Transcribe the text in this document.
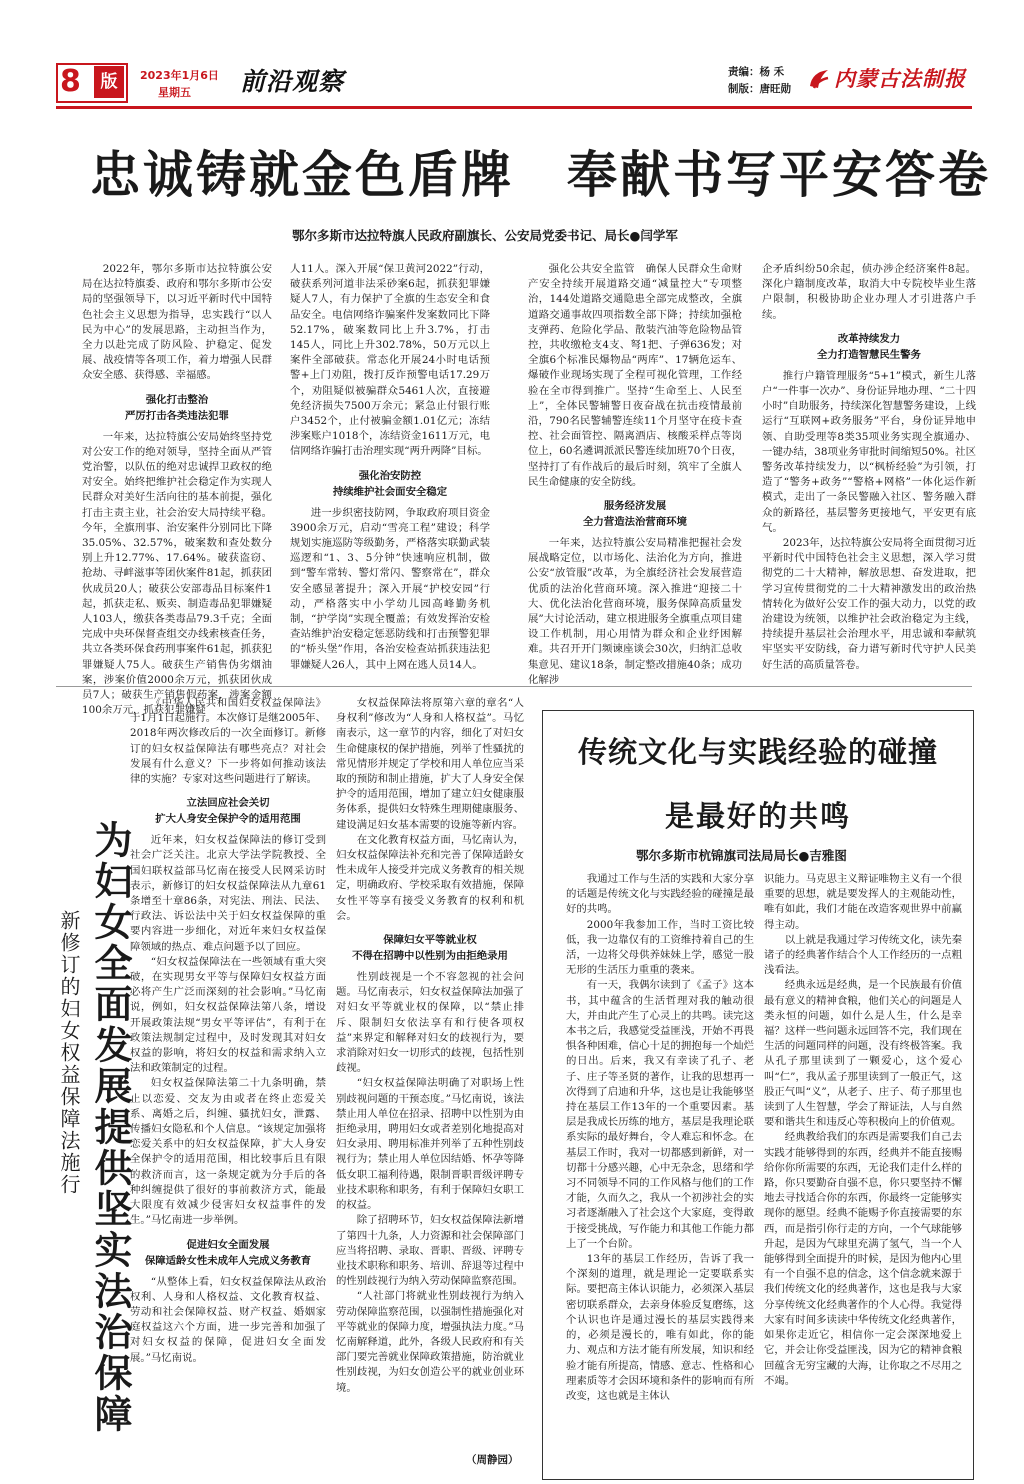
8	版	2023年1月6日
星期五 前沿观察	责编：杨 禾
制版：唐旺勋 内蒙古法制报
忠诚铸就金色盾牌　奉献书写平安答卷
鄂尔多斯市达拉特旗人民政府副旗长、公安局党委书记、局长●闫学军

2022年，鄂尔多斯市达拉特旗公安局在达拉特旗委、政府和鄂尔多斯市公安局的坚强领导下，以习近平新时代中国特色社会主义思想为指导，忠实践行“以人民为中心”的发展思路，主动担当作为，全力以赴完成了防风险、护稳定、促发展、战疫情等各项工作，着力增强人民群众安全感、获得感、幸福感。

强化打击整治
严厉打击各类违法犯罪

一年来，达拉特旗公安局始终坚持党对公安工作的绝对领导，坚持全面从严管党治警，以队伍的绝对忠诚捍卫政权的绝对安全。始终把维护社会稳定作为实现人民群众对美好生活向往的基本前提，强化打击主责主业，社会治安大局持续平稳。今年，全旗刑事、治安案件分别同比下降35.05%、32.57%，破案数和查处数分别上升12.77%、17.64%。破获盗窃、抢劫、寻衅滋事等团伙案件81起，抓获团伙成员20人；破获公安部毒品目标案件1起，抓获走私、贩卖、制造毒品犯罪嫌疑人103人，缴获各类毒品79.3千克；全面完成中央环保督查组交办线索核查任务，共立各类环保食药刑事案件61起，抓获犯罪嫌疑人75人。破获生产销售伪劣烟油案，涉案价值2000余万元，抓获团伙成员7人；破获生产销售假药案，涉案金额100余万元，抓获犯罪嫌疑

人11人。深入开展“保卫黄河2022”行动，破获系列河道非法采砂案6起，抓获犯罪嫌疑人7人，有力保护了全旗的生态安全和食品安全。电信网络诈骗案件发案数同比下降52.17%，破案数同比上升3.7%，打击145人，同比上升302.78%，50万元以上案件全部破获。常态化开展24小时电话预警+上门劝阻，拨打反诈预警电话17.29万个，劝阻疑似被骗群众5461人次，直接避免经济损失7500万余元；紧急止付银行账户3452个，止付被骗金额1.01亿元；冻结涉案账户1018个，冻结资金1611万元，电信网络诈骗打击治理实现“两升两降”目标。

强化治安防控
持续维护社会面安全稳定

进一步织密技防网，争取政府项目资金3900余万元，启动“雪亮工程”建设；科学规划实施巡防等级勤务，严格落实联勤武装巡逻和“1、3、5分钟”快速响应机制，做到“警车常转、警灯常闪、警察常在”，群众安全感显著提升；深入开展“护校安园”行动，严格落实中小学幼儿园高峰勤务机制，“护学岗”实现全覆盖；有效发挥治安检查站维护治安稳定惩恶防线和打击预警犯罪的“桥头堡”作用，各治安检查站抓获违法犯罪嫌疑人26人，其中上网在逃人员14人。

强化公共安全监管　确保人民群众生命财产安全持续开展道路交通“减量控大”专项整治，144处道路交通隐患全部完成整改，全旗道路交通事故四项指数全部下降；持续加强枪支弹药、危险化学品、散装汽油等危险物品管控，共收缴枪支4支、弩1把、子弹636发；对全旗6个标准民爆物品“两库”、17辆危运车、爆破作业现场实现了全程可视化管理，工作经验在全市得到推广。坚持“生命至上、人民至上”，全体民警辅警日夜奋战在抗击疫情最前沿，790名民警辅警连续11个月坚守在疫卡查控、社会面管控、隔离酒店、核酸采样点等岗位上，60名遴调派派民警连续加班70个日夜，坚持打了有作战后的最后时刻，筑牢了全旗人民生命健康的安全防线。

服务经济发展
全力营造法治营商环境

一年来，达拉特旗公安局精准把握社会发展战略定位，以市场化、法治化为方向，推进公安“放管服”改革，为全旗经济社会发展营造优质的法治化营商环境。深入推进“迎接二十大、优化法治化营商环境，服务保障高质量发展”大讨论活动，建立根进服务全旗重点项目建设工作机制，用心用情为群众和企业纾困解难。共召开开门频谏座谈会30次，归纳汇总收集意见、建议18条，制定整改措施40条；成功化解涉

企矛盾纠纷50余起，侦办涉企经济案件8起。深化户籍制度改革，取消大中专院校毕业生落户限制，积极协助企业办理人才引进落户手续。

改革持续发力
全力打造智慧民生警务

推行户籍管理服务“5+1”模式，新生儿落户“一件事一次办”、身份证异地办理、“二十四小时”自助服务，持续深化智慧警务建设，上线运行“互联网+政务服务”平台，身份证异地申领、自助受理等8类35项业务实现全旗通办、一键办结，38项业务审批时间缩短50%。社区警务改革持续发力，以“枫桥经验”为引领，打造了“警务+政务”“警格+网格”一体化运作新模式，走出了一条民警融入社区、警务融入群众的新路径，基层警务更接地气，平安更有底气。

2023年，达拉特旗公安局将全面贯彻习近平新时代中国特色社会主义思想，深入学习贯彻党的二十大精神，解放思想、奋发进取，把学习宣传贯彻党的二十大精神激发出的政治热情转化为做好公安工作的强大动力，以党的政治建设为统领，以维护社会政治稳定为主线，持续提升基层社会治理水平，用忠诚和奉献筑牢坚实平安防线，奋力谱写新时代守护人民美好生活的高质量答卷。

《中华人民共和国妇女权益保障法》于1月1日起施行。本次修订是继2005年、2018年两次修改后的一次全面修订。新修订的妇女权益保障法有哪些亮点？对社会发展有什么意义？下一步将如何推动该法律的实施？专家对这些问题进行了解读。

立法回应社会关切
扩大人身安全保护令的适用范围

近年来，妇女权益保障法的修订受到社会广泛关注。北京大学法学院教授、全国妇联权益部马忆南在接受人民网采访时表示，新修订的妇女权益保障法从九章61条增至十章86条，对宪法、刑法、民法、行政法、诉讼法中关于妇女权益保障的重要内容进一步细化，对近年来妇女权益保障领域的热点、难点问题予以了回应。

“妇女权益保障法在一些领域有重大突破，在实现男女平等与保障妇女权益方面必将产生广泛而深刻的社会影响。”马忆南说，例如，妇女权益保障法第八条，增设开展政策法规“男女平等评估”，有利于在政策法规制定过程中，及时发现其对妇女权益的影响，将妇女的权益和需求纳入立法和政策制定的过程。

妇女权益保障法第二十九条明确，禁止以恋爱、交友为由或者在终止恋爱关系、离婚之后，纠缠、骚扰妇女，泄露、传播妇女隐私和个人信息。“该规定加强将恋爱关系中的妇女权益保障，扩大人身安全保护令的适用范围，相比较事后且有限的救济而言，这一条规定就为分手后的各种纠缠提供了很好的事前救济方式，能最大限度有效减少侵害妇女权益事件的发生。”马忆南进一步举例。

促进妇女全面发展
保障适龄女性未成年人完成义务教育

“从整体上看，妇女权益保障法从政治权利、人身和人格权益、文化教育权益、劳动和社会保障权益、财产权益、婚姻家庭权益这六个方面，进一步完善和加强了对妇女权益的保障，促进妇女全面发展。”马忆南说。

为妇女全面发展提供坚实法治保障
新修订的妇女权益保障法施行

女权益保障法将原第六章的章名“人身权利”修改为“人身和人格权益”。马忆南表示，这一章节的内容，细化了对妇女生命健康权的保护措施，列举了性骚扰的常见情形并规定了学校和用人单位应当采取的预防和制止措施，扩大了人身安全保护令的适用范围，增加了建立妇女健康服务体系，提供妇女特殊生理期健康服务、建设满足妇女基本需要的设施等新内容。

在文化教育权益方面，马忆南认为，妇女权益保障法补充和完善了保障适龄女性未成年人接受并完成义务教育的相关规定，明确政府、学校采取有效措施，保障女性平等享有接受义务教育的权利和机会。

保障妇女平等就业权
不得在招聘中以性别为由拒绝录用

性别歧视是一个不容忽视的社会问题。马忆南表示，妇女权益保障法加强了对妇女平等就业权的保障，以“禁止排斥、限制妇女依法享有和行使各项权益”来界定和解释对妇女的歧视行为，要求消除对妇女一切形式的歧视，包括性别歧视。

“妇女权益保障法明确了对职场上性别歧视问题的干预态度。”马忆南说，该法禁止用人单位在招录、招聘中以性别为由拒绝录用，聘用妇女或者差别化地提高对妇女录用、聘用标准并列举了五种性别歧视行为；禁止用人单位因结婚、怀孕等降低女职工福利待遇，限制晋职晋级评聘专业技术职称和职务，有利于保障妇女职工的权益。

除了招聘环节，妇女权益保障法新增了第四十九条，人力资源和社会保障部门应当将招聘、录取、晋职、晋级、评聘专业技术职称和职务、培训、辞退等过程中的性别歧视行为纳入劳动保障监察范围。

“人社部门将就业性别歧视行为纳入劳动保障监察范围，以强制性措施强化对平等就业的保障力度，增强执法力度。”马忆南解释道，此外，各级人民政府和有关部门要完善就业保障政策措施，防治就业性别歧视，为妇女创造公平的就业创业环境。

（周静园）
传统文化与实践经验的碰撞
是最好的共鸣
鄂尔多斯市杭锦旗司法局局长●吉雅图

我通过工作与生活的实践和大家分享的话题是传统文化与实践经验的碰撞是最好的共鸣。

2000年我参加工作，当时工资比较低，我一边靠仅有的工资维持着自己的生活，一边将父母供养妹妹上学，感觉一股无形的生活压力重重的袭来。

有一天，我偶尔读到了《孟子》这本书，其中蕴含的生活哲理对我的触动很大，并由此产生了心灵上的共鸣。读完这本书之后，我感觉受益匪浅，开始不再畏惧各种困难，信心十足的拥抱每一个灿烂的日出。后来，我又有幸读了孔子、老子、庄子等圣贤的著作，让我的思想再一次得到了启迪和升华，这也是让我能够坚持在基层工作13年的一个重要因素。基层是我成长历练的地方，基层是我理论联系实际的最好舞台，令人难忘和怀念。在基层工作时，我对一切都感到新鲜，对一切都十分感兴趣，心中无杂念，思绪和学习不同领导不同的工作风格与他们的工作才能，久而久之，我从一个初涉社会的实习者逐渐融入了社会这个大家庭，变得敢于接受挑战，写作能力和其他工作能力都上了一个台阶。

13年的基层工作经历，告诉了我一个深刻的道理，就是理论一定要联系实际。要把高主体认识能力，必须深入基层密切联系群众，去亲身体验反复磨练，这个认识也许是通过漫长的基层实践得来的，必须是漫长的，唯有如此，你的能力、观点和方法才能有所发展，知识和经验才能有所提高，情感、意志、性格和心理素质等才会因环境和条件的影响而有所改变，这也就是主体认

识能力。马克思主义辩证唯物主义有一个很重要的思想，就是要发挥人的主观能动性，唯有如此，我们才能在改造客观世界中前赢得主动。

以上就是我通过学习传统文化，读先秦诸子的经典著作结合个人工作经历的一点粗浅看法。

经典永远是经典，是一个民族最有价值最有意义的精神食粮，他们关心的问题是人类永恒的问题，如什么是人生，什么是幸福？这样一些问题永远回答不完，我们现在生活的问题同样的问题，没有终极答案。我从孔子那里读到了一颗爱心，这个爱心叫“仁”，我从孟子那里读到了一般正气，这股正气叫“义”，从老子、庄子、荀子那里也读到了人生智慧，学会了辩证法，人与自然要和谐共生和违反心等积极向上的价值观。

经典教给我们的东西是需要我们自己去实践才能够得到的东西，经典并不能直接赐给你你所需要的东西，无论我们走什么样的路，你只要勤奋自强不息，你只要坚持不懈地去寻找适合你的东西，你最终一定能够实现你的愿望。经典不能赐予你直接需要的东西，而是指引你行走的方向，一个气球能够升起，是因为气球里充满了氢气，当一个人能够得到全面提升的时候，是因为他内心里有一个自强不息的信念，这个信念就来源于我们传统文化的经典著作，这也是我与大家分享传统文化经典著作的个人心得。我觉得大家有时间多读读中华传统文化经典著作，如果你走近它，相信你一定会深深地爱上它，并会让你受益匪浅，因为它的精神食粮回蕴含无穷宝藏的大海，让你取之不尽用之不竭。
